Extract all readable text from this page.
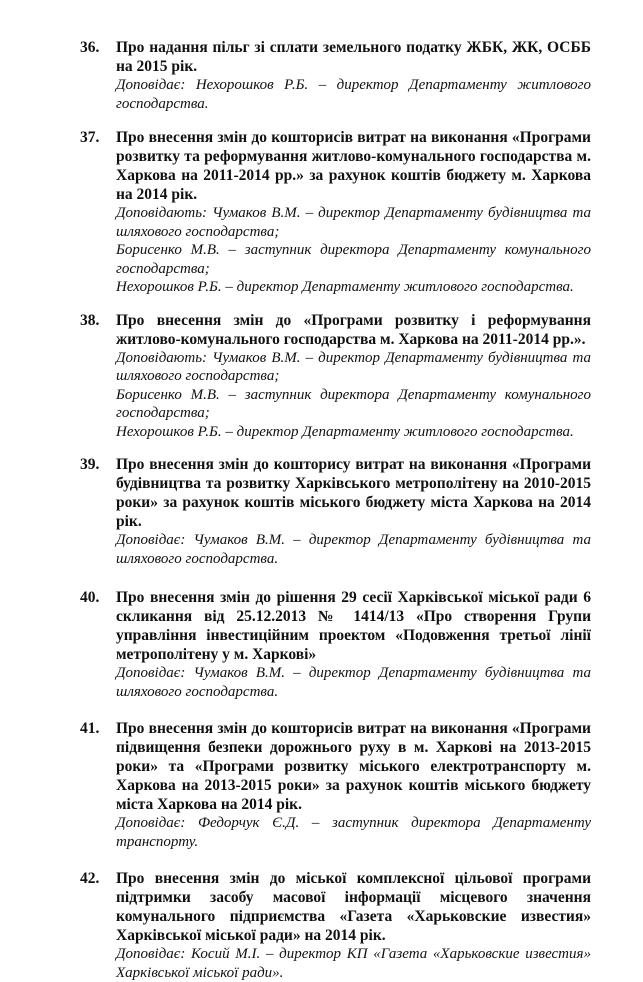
36. Про надання пільг зі сплати земельного податку ЖБК, ЖК, ОСББ на 2015 рік.

Доповідає: Нехорошков Р.Б. – директор Департаменту житлового господарства.

37. Про внесення змін до кошторисів витрат на виконання «Програми розвитку та реформування житлово-комунального господарства м. Харкова на 2011-2014 рр.» за рахунок коштів бюджету м. Харкова на 2014 рік.

Доповідають: Чумаков В.М. – директор Департаменту будівництва та шляхового господарства;

Борисенко М.В. – заступник директора Департаменту комунального господарства;

Нехорошков Р.Б. – директор Департаменту житлового господарства.

38. Про внесення змін до «Програми розвитку і реформування житлово-комунального господарства м. Харкова на 2011-2014 рр.».

Доповідають: Чумаков В.М. – директор Департаменту будівництва та шляхового господарства;

Борисенко М.В. – заступник директора Департаменту комунального господарства;

Нехорошков Р.Б. – директор Департаменту житлового господарства.

39. Про внесення змін до кошторису витрат на виконання «Програми будівництва та розвитку Харківського метрополітену на 2010-2015 роки» за рахунок коштів міського бюджету міста Харкова на 2014 рік.

Доповідає: Чумаков В.М. – директор Департаменту будівництва та шляхового господарства.

40. Про внесення змін до рішення 29 сесії Харківської міської ради 6 скликання від 25.12.2013 № 1414/13 «Про створення Групи управління інвестиційним проектом «Подовження третьої лінії метрополітену у м. Харкові»

Доповідає: Чумаков В.М. – директор Департаменту будівництва та шляхового господарства.

41. Про внесення змін до кошторисів витрат на виконання «Програми підвищення безпеки дорожнього руху в м. Харкові на 2013-2015 роки» та «Програми розвитку міського електротранспорту м. Харкова на 2013-2015 роки» за рахунок коштів міського бюджету міста Харкова на 2014 рік.

Доповідає: Федорчук Є.Д. – заступник директора Департаменту транспорту.

42. Про внесення змін до міської комплексної цільової програми підтримки засобу масової інформації місцевого значення комунального підприємства «Газета «Харьковские известия» Харківської міської ради» на 2014 рік.

Доповідає: Косий М.І. – директор КП «Газета «Харьковские известия» Харківської міської ради».
